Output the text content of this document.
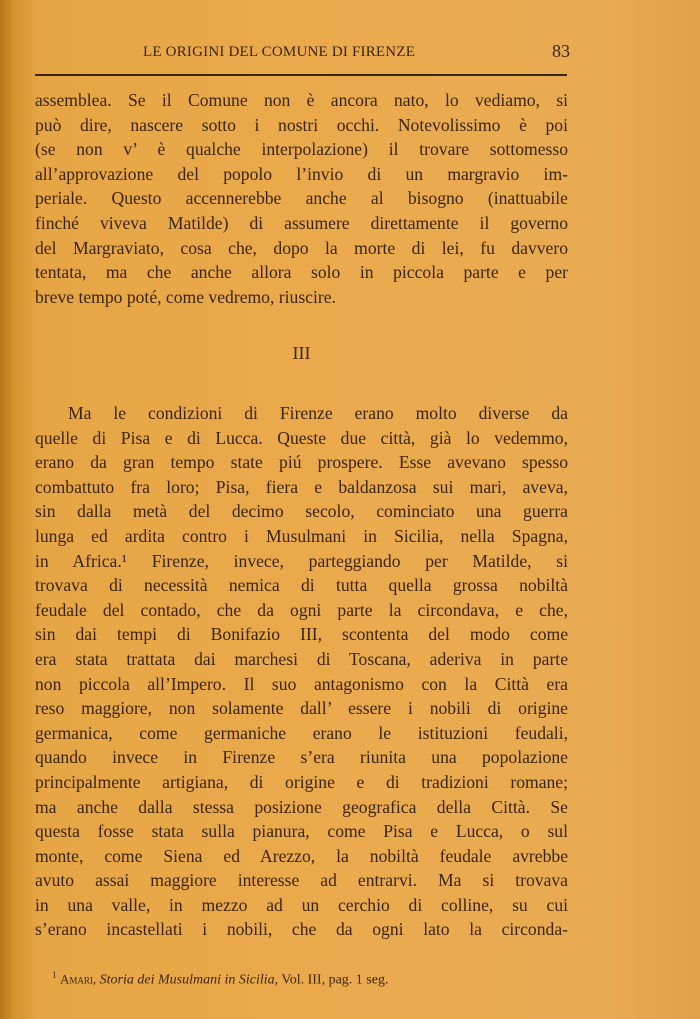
LE ORIGINI DEL COMUNE DI FIRENZE	83
assemblea. Se il Comune non è ancora nato, lo vediamo, si
può dire, nascere sotto i nostri occhi. Notevolissimo è poi
(se non v’ è qualche interpolazione) il trovare sottomesso
all’approvazione del popolo l’invio di un margravio im-
periale. Questo accennerebbe anche al bisogno (inattuabile
finché viveva Matilde) di assumere direttamente il governo
del Margraviato, cosa che, dopo la morte di lei, fu davvero
tentata, ma che anche allora solo in piccola parte e per
breve tempo poté, come vedremo, riuscire.
III
Ma le condizioni di Firenze erano molto diverse da
quelle di Pisa e di Lucca. Queste due città, già lo vedemmo,
erano da gran tempo state piú prospere. Esse avevano spesso
combattuto fra loro; Pisa, fiera e baldanzosa sui mari, aveva,
sin dalla metà del decimo secolo, cominciato una guerra
lunga ed ardita contro i Musulmani in Sicilia, nella Spagna,
in Africa.¹ Firenze, invece, parteggiando per Matilde, si
trovava di necessità nemica di tutta quella grossa nobiltà
feudale del contado, che da ogni parte la circondava, e che,
sin dai tempi di Bonifazio III, scontenta del modo come
era stata trattata dai marchesi di Toscana, aderiva in parte
non piccola all’Impero. Il suo antagonismo con la Città era
reso maggiore, non solamente dall’ essere i nobili di origine
germanica, come germaniche erano le istituzioni feudali,
quando invece in Firenze s’era riunita una popolazione
principalmente artigiana, di origine e di tradizioni romane;
ma anche dalla stessa posizione geografica della Città. Se
questa fosse stata sulla pianura, come Pisa e Lucca, o sul
monte, come Siena ed Arezzo, la nobiltà feudale avrebbe
avuto assai maggiore interesse ad entrarvi. Ma si trovava
in una valle, in mezzo ad un cerchio di colline, su cui
s’erano incastellati i nobili, che da ogni lato la circonda-
$^1$ Amari, Storia dei Musulmani in Sicilia, Vol. III, pag. 1 seg.
